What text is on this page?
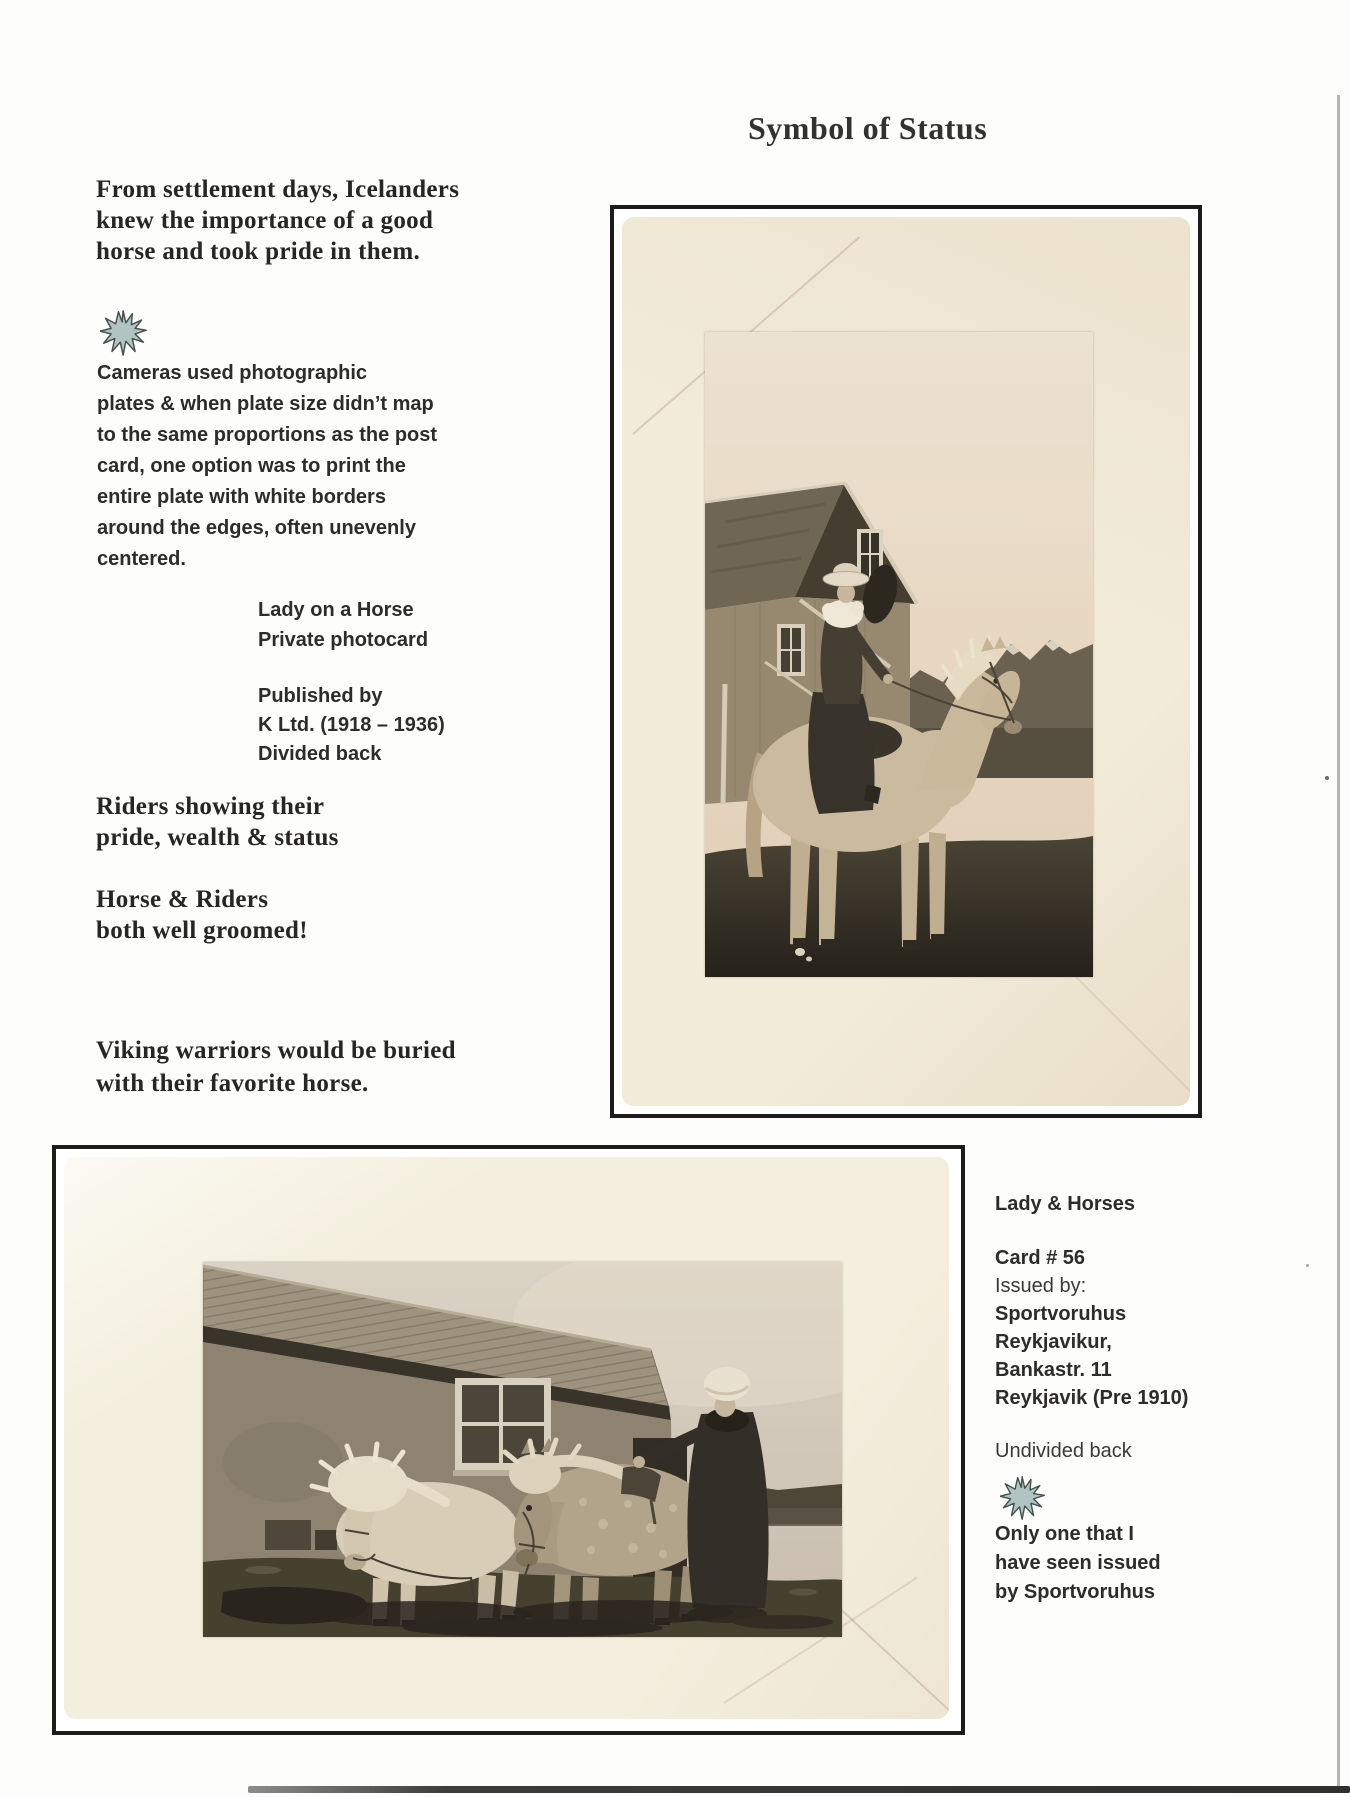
Symbol of Status
From settlement days, Icelanders
knew the importance of a good
horse and took pride in them.
Cameras used photographic
plates & when plate size didn’t map
to the same proportions as the post
card, one option was to print the
entire plate with white borders
around the edges, often unevenly
centered.
Lady on a Horse
Private photocard
Published by
K Ltd. (1918 – 1936)
Divided back
Riders showing their
pride, wealth & status
Horse & Riders
both well groomed!
Viking warriors would be buried
with their favorite horse.
Lady & Horses
Card # 56
Issued by:
Sportvoruhus
Reykjavikur,
Bankastr. 11
Reykjavik (Pre 1910)
Undivided back
Only one that I
have seen issued
by Sportvoruhus
